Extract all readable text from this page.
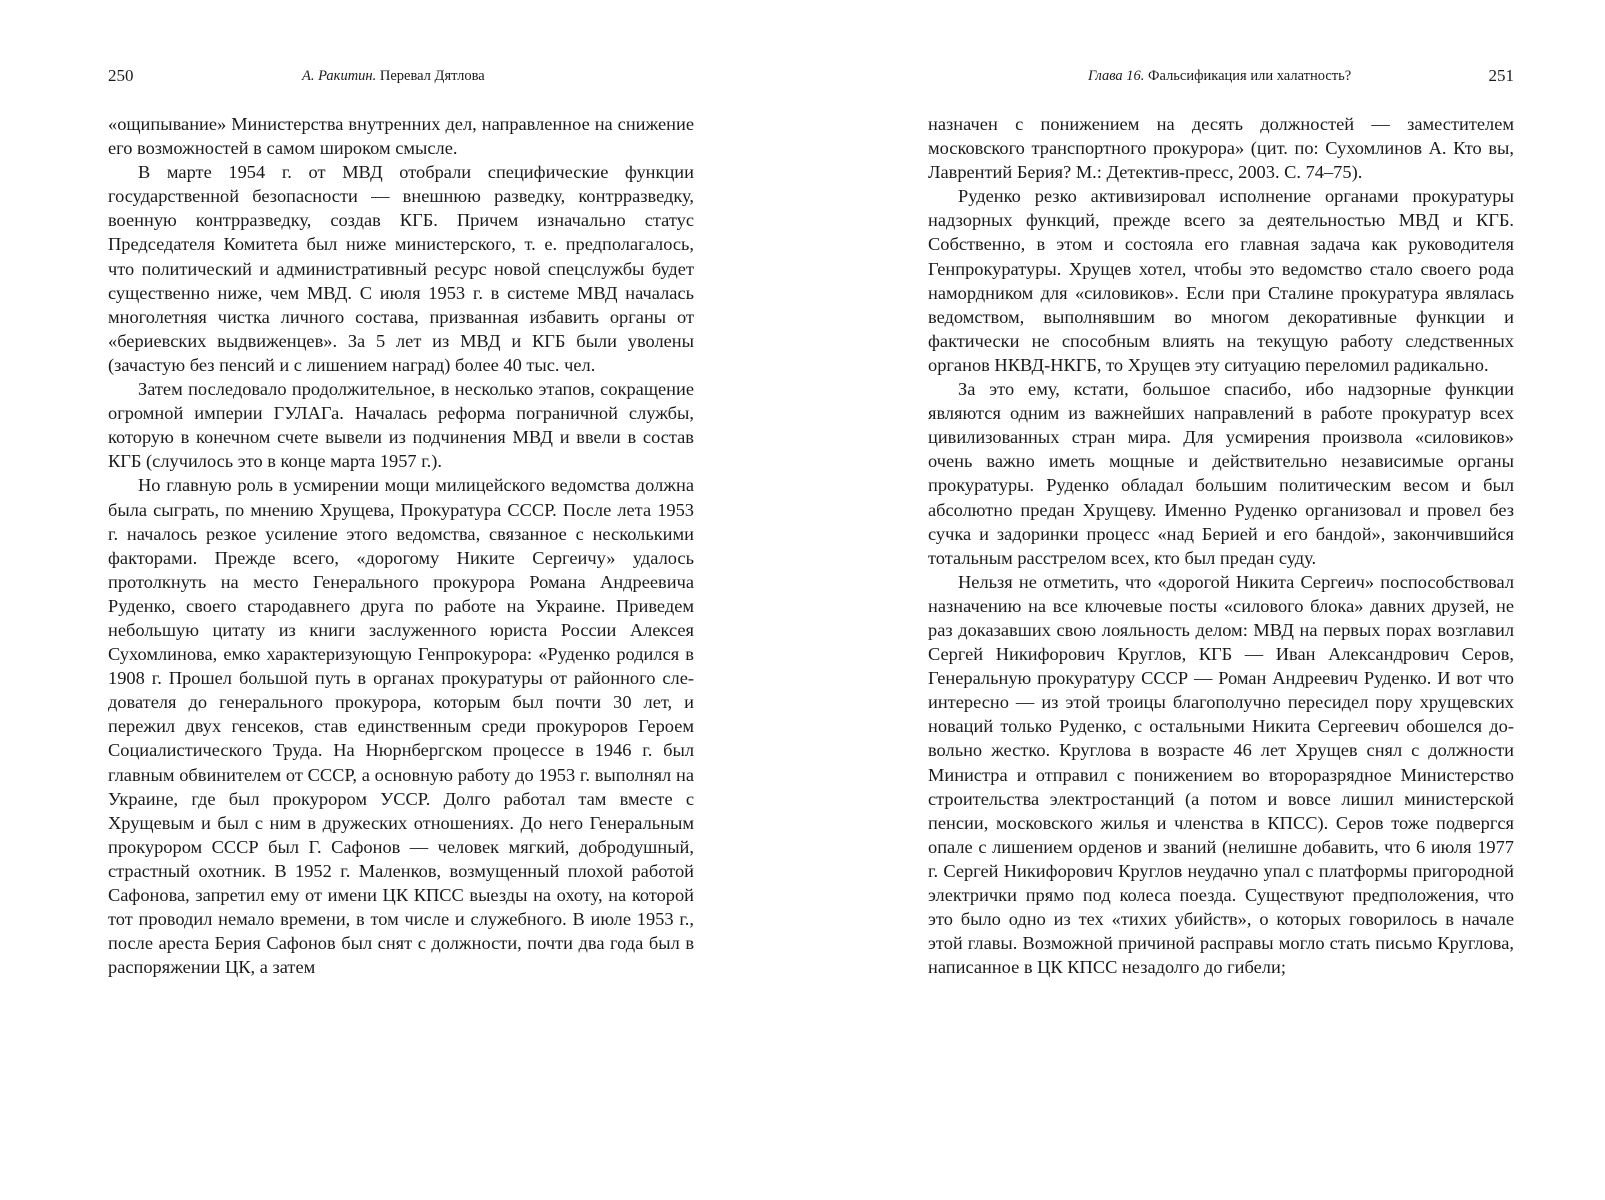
250	А. Ракитин. Перевал Дятлова

«ощипывание» Министерства внутренних дел, направленное на снижение его возможностей в самом широком смысле.

В марте 1954 г. от МВД отобрали специфические функции государственной безопасности — внешнюю разведку, контрразведку, военную контрразведку, создав КГБ. Причем изначально статус Председателя Комитета был ниже министерского, т. е. предполагалось, что политический и административный ресурс новой спецслужбы будет существенно ниже, чем МВД. С июля 1953 г. в системе МВД началась многолетняя чистка личного состава, призванная избавить органы от «бериевских выдвиженцев». За 5 лет из МВД и КГБ были уволены (зачастую без пенсий и с лишением наград) более 40 тыс. чел.

Затем последовало продолжительное, в несколько этапов, сокращение огромной империи ГУЛАГа. Началась реформа пограничной службы, которую в конечном счете вывели из подчинения МВД и ввели в состав КГБ (случилось это в конце марта 1957 г.).

Но главную роль в усмирении мощи милицейского ведомства должна была сыграть, по мнению Хрущева, Прокуратура СССР. После лета 1953 г. началось резкое усиление этого ведомства, связанное с несколькими факторами. Прежде всего, «дорогому Никите Сергеичу» удалось протолкнуть на место Генерального прокурора Романа Андреевича Руденко, своего стародавнего друга по работе на Украине. Приведем небольшую цитату из книги заслуженного юриста России Алексея Сухомлинова, емко характеризующую Генпрокурора: «Руденко родился в 1908 г. Прошел большой путь в органах прокуратуры от районного следователя до генерального прокурора, которым был почти 30 лет, и пережил двух генсеков, став единственным среди прокуроров Героем Социалистического Труда. На Нюрнбергском процессе в 1946 г. был главным обвинителем от СССР, а основную работу до 1953 г. выполнял на Украине, где был прокурором УССР. Долго работал там вместе с Хрущевым и был с ним в дружеских отношениях. До него Генеральным прокурором СССР был Г. Сафонов — человек мягкий, добродушный, страстный охотник. В 1952 г. Маленков, возмущенный плохой работой Сафонова, запретил ему от имени ЦК КПСС выезды на охоту, на которой тот проводил немало времени, в том числе и служебного. В июле 1953 г., после ареста Берия Сафонов был снят с должности, почти два года был в распоряжении ЦК, а затем

Глава 16. Фальсификация или халатность?	251

назначен с понижением на десять должностей — заместителем московского транспортного прокурора» (цит. по: Сухомлинов А. Кто вы, Лаврентий Берия? М.: Детектив-пресс, 2003. С. 74–75).

Руденко резко активизировал исполнение органами прокуратуры надзорных функций, прежде всего за деятельностью МВД и КГБ. Собственно, в этом и состояла его главная задача как руководителя Генпрокуратуры. Хрущев хотел, чтобы это ведомство стало своего рода намордником для «силовиков». Если при Сталине прокуратура являлась ведомством, выполнявшим во многом декоративные функции и фактически не способным влиять на текущую работу следственных органов НКВД-НКГБ, то Хрущев эту ситуацию переломил радикально.

За это ему, кстати, большое спасибо, ибо надзорные функции являются одним из важнейших направлений в работе прокуратур всех цивилизованных стран мира. Для усмирения произвола «силовиков» очень важно иметь мощные и действительно независимые органы прокуратуры. Руденко обладал большим политическим весом и был абсолютно предан Хрущеву. Именно Руденко организовал и провел без сучка и задоринки процесс «над Берией и его бандой», закончившийся тотальным расстрелом всех, кто был предан суду.

Нельзя не отметить, что «дорогой Никита Сергеич» поспособствовал назначению на все ключевые посты «силового блока» давних друзей, не раз доказавших свою лояльность делом: МВД на первых порах возглавил Сергей Никифорович Круглов, КГБ — Иван Александрович Серов, Генеральную прокуратуру СССР — Роман Андреевич Руденко. И вот что интересно — из этой троицы благополучно пересидел пору хрущевских новаций только Руденко, с остальными Никита Сергеевич обошелся довольно жестко. Круглова в возрасте 46 лет Хрущев снял с должности Министра и отправил с понижением во второразрядное Министерство строительства электростанций (а потом и вовсе лишил министерской пенсии, московского жилья и членства в КПСС). Серов тоже подвергся опале с лишением орденов и званий (нелишне добавить, что 6 июля 1977 г. Сергей Никифорович Круглов неудачно упал с платформы пригородной электрички прямо под колеса поезда. Существуют предположения, что это было одно из тех «тихих убийств», о которых говорилось в начале этой главы. Возможной причиной расправы могло стать письмо Круглова, написанное в ЦК КПСС незадолго до гибели;
